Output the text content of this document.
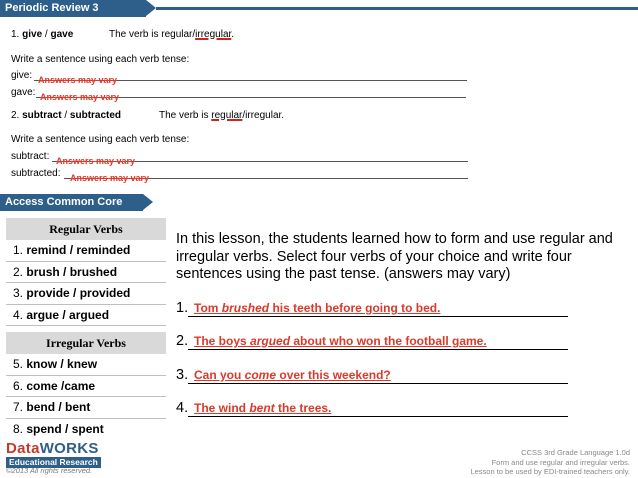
Periodic Review 3
1. give / gave	The verb is regular/irregular.
Write a sentence using each verb tense:
give: Answers may vary
gave: Answers may vary
2. subtract / subtracted	The verb is regular/irregular.
Write a sentence using each verb tense:
subtract: Answers may vary
subtracted: Answers may vary
Access Common Core
Regular Verbs
1. remind / reminded
2. brush / brushed
3. provide / provided
4. argue / argued
Irregular Verbs
5. know / knew
6. come /came
7. bend / bent
8. spend / spent
In this lesson, the students learned how to form and use regular and irregular verbs. Select four verbs of your choice and write four sentences using the past tense. (answers may vary)
1. Tom brushed his teeth before going to bed.
2. The boys argued about who won the football game.
3. Can you come over this weekend?
4. The wind bent the trees.
DataWORKS
Educational Research
©2013 All rights reserved.
CCSS 3rd Grade Language 1.0d
Form and use regular and irregular verbs.
Lesson to be used by EDI-trained teachers only.
